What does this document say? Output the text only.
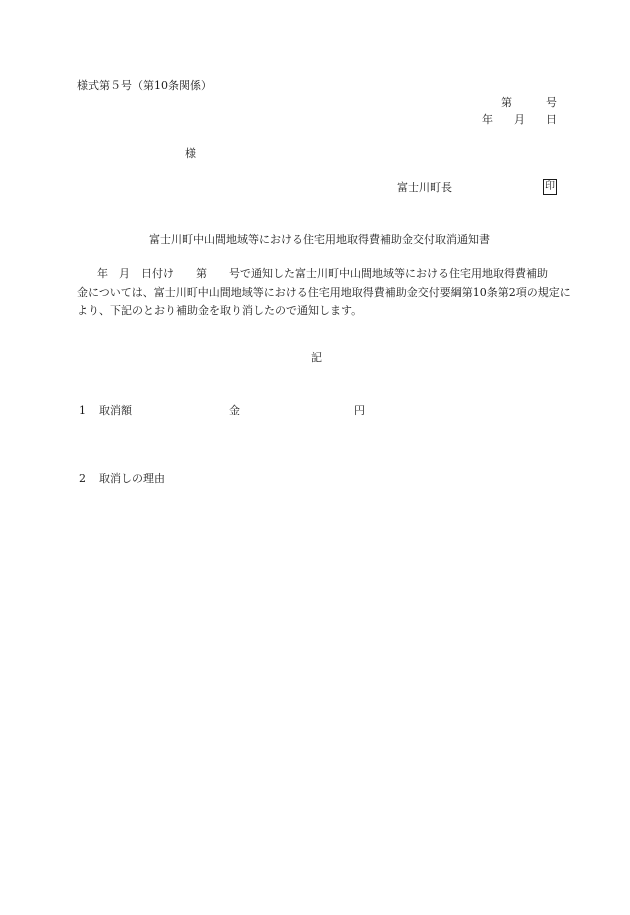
様式第５号（第10条関係）
第	号
年 月 日
様
富士川町長	印
富士川町中山間地域等における住宅用地取得費補助金交付取消通知書
年　月　日付け　　第　　号で通知した富士川町中山間地域等における住宅用地取得費補助
金については、富士川町中山間地域等における住宅用地取得費補助金交付要綱第10条第2項の規定に
より、下記のとおり補助金を取り消したので通知します。
記
1 取消額	金	円
2 取消しの理由
